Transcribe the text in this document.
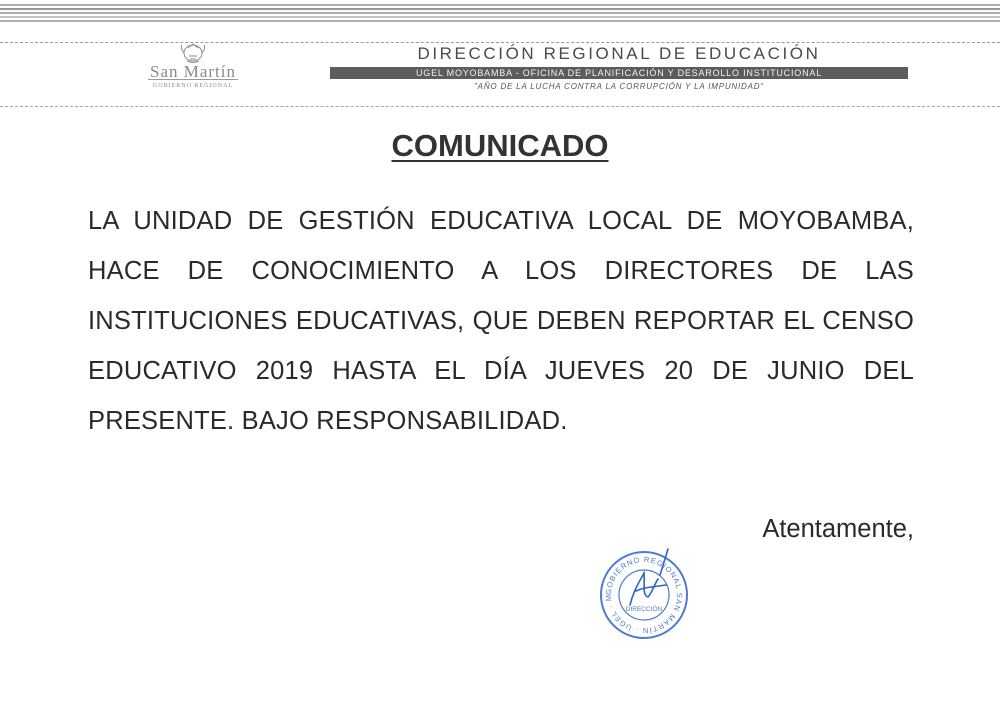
San Martín
GOBIERNO REGIONAL
DIRECCIÓN REGIONAL DE EDUCACIÓN
UGEL MOYOBAMBA - OFICINA DE PLANIFICACIÓN Y DESAROLLO INSTITUCIONAL
"AÑO DE LA LUCHA CONTRA LA CORRUPCIÓN Y LA IMPUNIDAD"
COMUNICADO

LA UNIDAD DE GESTIÓN EDUCATIVA LOCAL DE MOYOBAMBA, HACE DE CONOCIMIENTO A LOS DIRECTORES DE LAS INSTITUCIONES EDUCATIVAS, QUE DEBEN REPORTAR EL CENSO EDUCATIVO 2019 HASTA EL DÍA JUEVES 20 DE JUNIO DEL PRESENTE. BAJO RESPONSABILIDAD.

Atentamente,
GOBIERNO REGIONAL SAN MARTÍN · UGEL · M
DIRECCIÓN
